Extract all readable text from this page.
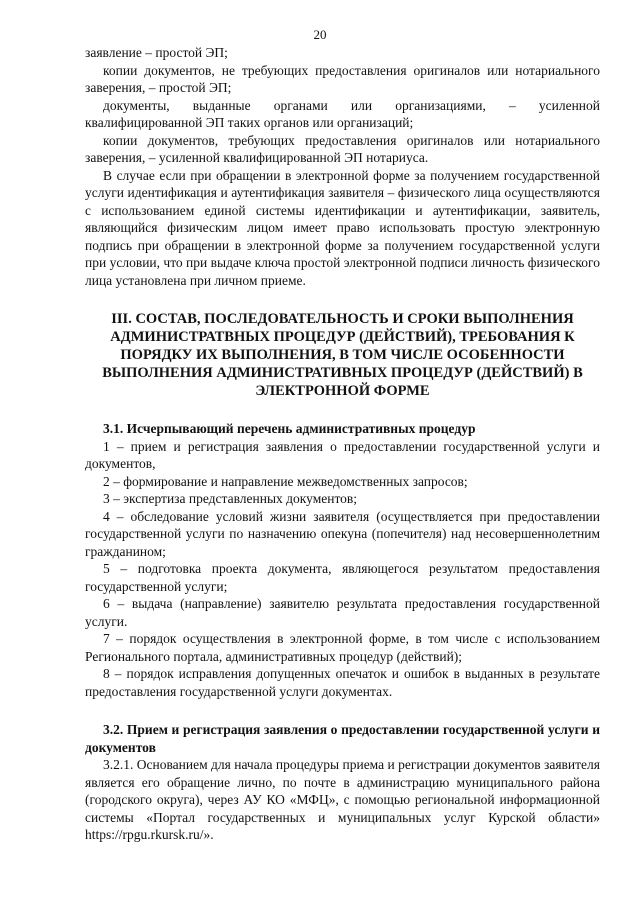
20

заявление – простой ЭП;

копии документов, не требующих предоставления оригиналов или нотариального заверения, – простой ЭП;

документы, выданные органами или организациями, – усиленной квалифицированной ЭП таких органов или организаций;

копии документов, требующих предоставления оригиналов или нотариального заверения, – усиленной квалифицированной ЭП нотариуса.

В случае если при обращении в электронной форме за получением государственной услуги идентификация и аутентификация заявителя – физического лица осуществляются с использованием единой системы идентификации и аутентификации, заявитель, являющийся физическим лицом имеет право использовать простую электронную подпись при обращении в электронной форме за получением государственной услуги при условии, что при выдаче ключа простой электронной подписи личность физического лица установлена при личном приеме.

III. СОСТАВ, ПОСЛЕДОВАТЕЛЬНОСТЬ И СРОКИ ВЫПОЛНЕНИЯ АДМИНИСТРАТВНЫХ ПРОЦЕДУР (ДЕЙСТВИЙ), ТРЕБОВАНИЯ К ПОРЯДКУ ИХ ВЫПОЛНЕНИЯ, В ТОМ ЧИСЛЕ ОСОБЕННОСТИ ВЫПОЛНЕНИЯ АДМИНИСТРАТИВНЫХ ПРОЦЕДУР (ДЕЙСТВИЙ) В ЭЛЕКТРОННОЙ ФОРМЕ

3.1. Исчерпывающий перечень административных процедур

1 – прием и регистрация заявления о предоставлении государственной услуги и документов,

2 – формирование и направление межведомственных запросов;

3 – экспертиза представленных документов;

4 – обследование условий жизни заявителя (осуществляется при предоставлении государственной услуги по назначению опекуна (попечителя) над несовершеннолетним гражданином;

5 – подготовка проекта документа, являющегося результатом предоставления государственной услуги;

6 – выдача (направление) заявителю результата предоставления государственной услуги.

7 – порядок осуществления в электронной форме, в том числе с использованием Регионального портала, административных процедур (действий);

8 – порядок исправления допущенных опечаток и ошибок в выданных в результате предоставления государственной услуги документах.

3.2. Прием и регистрация заявления о предоставлении государственной услуги и документов

3.2.1. Основанием для начала процедуры приема и регистрации документов заявителя является его обращение лично, по почте в администрацию муниципального района (городского округа), через АУ КО «МФЦ», с помощью региональной информационной системы «Портал государственных и муниципальных услуг Курской области» https://rpgu.rkursk.ru/».
